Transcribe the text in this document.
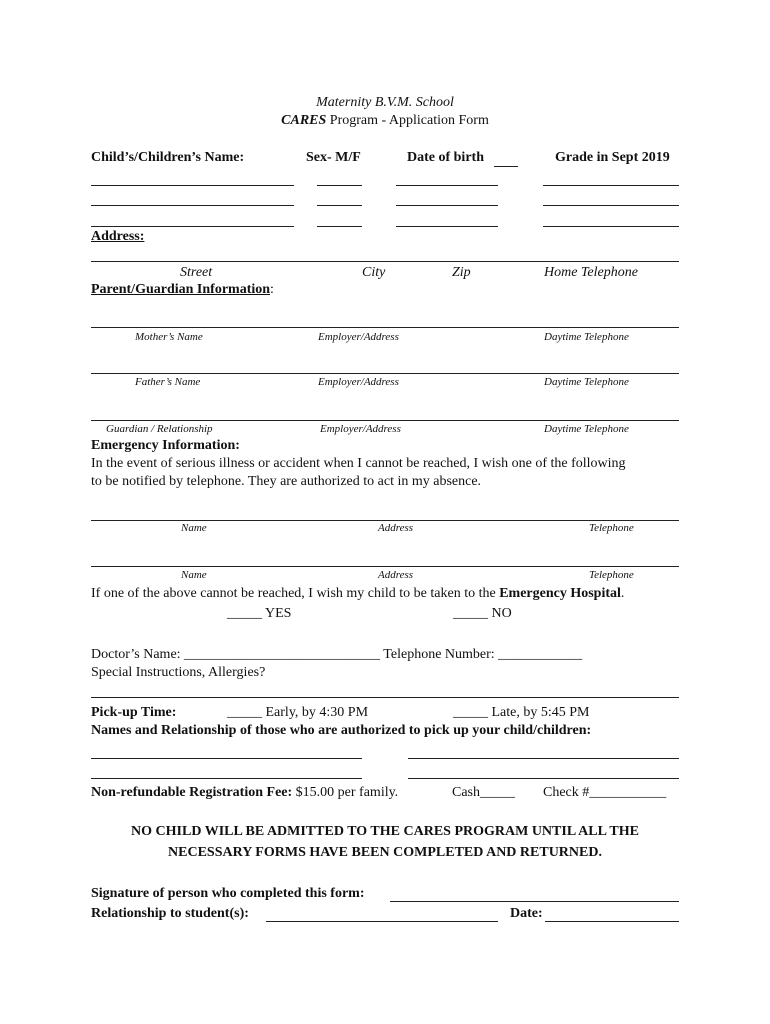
Maternity B.V.M. School
CARES Program - Application Form
Child’s/Children’s Name:	Sex- M/F	Date of birth	Grade in Sept 2019
Address:
Street	City	Zip	Home Telephone
Parent/Guardian Information:
Mother’s Name	Employer/Address	Daytime Telephone
Father’s Name	Employer/Address	Daytime Telephone
Guardian / Relationship	Employer/Address	Daytime Telephone
Emergency Information:
In the event of serious illness or accident when I cannot be reached, I wish one of the following
to be notified by telephone. They are authorized to act in my absence.
Name	Address	Telephone
Name	Address	Telephone
If one of the above cannot be reached, I wish my child to be taken to the Emergency Hospital.
_____ YES	_____ NO
Doctor’s Name: ____________________________ Telephone Number: ____________
Special Instructions, Allergies?
Pick-up Time:	_____ Early, by 4:30 PM	_____ Late, by 5:45 PM
Names and Relationship of those who are authorized to pick up your child/children:
Non-refundable Registration Fee: $15.00 per family.	Cash_____ Check #___________
NO CHILD WILL BE ADMITTED TO THE CARES PROGRAM UNTIL ALL THE
NECESSARY FORMS HAVE BEEN COMPLETED AND RETURNED.
Signature of person who completed this form:
Relationship to student(s):	Date:
